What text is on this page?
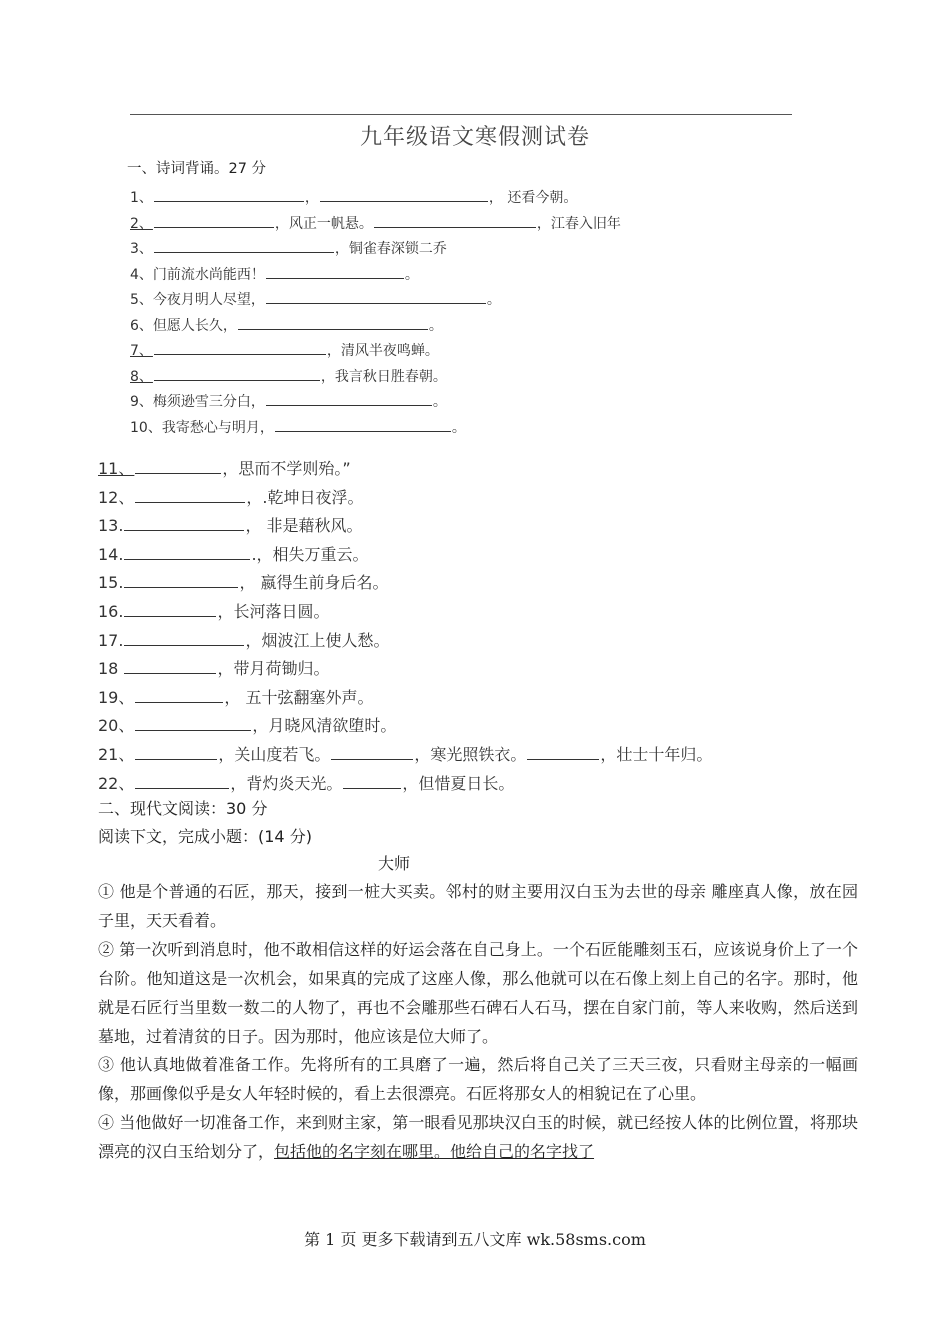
九年级语文寒假测试卷
一、诗词背诵。27 分
1、	，	， 还看今朝。
2、	，风正一帆悬。	，江春入旧年
3、	，铜雀春深锁二乔
4、门前流水尚能西！	。
5、今夜月明人尽望，	。
6、但愿人长久，	。
7、	，清风半夜鸣蝉。
8、	，我言秋日胜春朝。
9、梅须逊雪三分白，	。
10、我寄愁心与明月，	。
11、	，思而不学则殆。”
12、	，.乾坤日夜浮。
13.	， 非是藉秋风。
14.	.，相失万重云。
15.	， 嬴得生前身后名。
16.	，长河落日圆。
17.	，烟波江上使人愁。
18	，带月荷锄归。
19、	， 五十弦翻塞外声。
20、	，月晓风清欲堕时。
21、	，关山度若飞。	，寒光照铁衣。	，壮士十年归。
22、	，背灼炎天光。	，但惜夏日长。
二、现代文阅读：30 分
阅读下文，完成小题：(14 分)
大师

① 他是个普通的石匠，那天，接到一桩大买卖。邻村的财主要用汉白玉为去世的母亲 雕座真人像，放在园子里，天天看着。

② 第一次听到消息时，他不敢相信这样的好运会落在自己身上。一个石匠能雕刻玉石，应该说身价上了一个台阶。他知道这是一次机会，如果真的完成了这座人像，那么他就可以在石像上刻上自己的名字。那时，他就是石匠行当里数一数二的人物了，再也不会雕那些石碑石人石马，摆在自家门前，等人来收购，然后送到墓地，过着清贫的日子。因为那时，他应该是位大师了。

③ 他认真地做着准备工作。先将所有的工具磨了一遍，然后将自己关了三天三夜，只看财主母亲的一幅画像，那画像似乎是女人年轻时候的，看上去很漂亮。石匠将那女人的相貌记在了心里。

④ 当他做好一切准备工作，来到财主家，第一眼看见那块汉白玉的时候，就已经按人体的比例位置，将那块漂亮的汉白玉给划分了，包括他的名字刻在哪里。他给自己的名字找了

第 1 页 更多下载请到五八文库 wk.58sms.com
